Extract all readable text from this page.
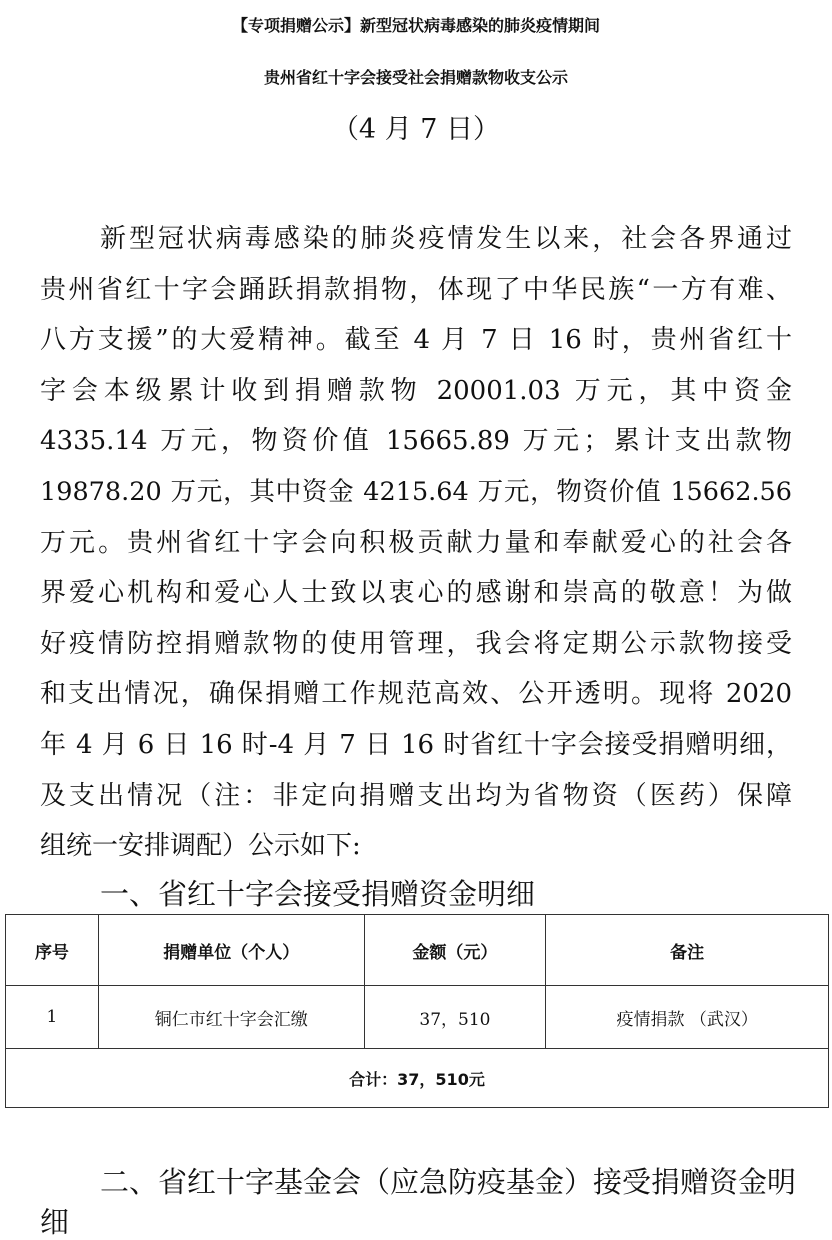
【专项捐赠公示】新型冠状病毒感染的肺炎疫情期间
贵州省红十字会接受社会捐赠款物收支公示
（4 月 7 日）
新型冠状病毒感染的肺炎疫情发生以来，社会各界通过
贵州省红十字会踊跃捐款捐物，体现了中华民族“一方有难、
八方支援”的大爱精神。截至 4 月 7 日 16 时，贵州省红十
字会本级累计收到捐赠款物 20001.03 万元，其中资金
4335.14 万元，物资价值 15665.89 万元；累计支出款物
19878.20 万元，其中资金 4215.64 万元，物资价值 15662.56
万元。贵州省红十字会向积极贡献力量和奉献爱心的社会各
界爱心机构和爱心人士致以衷心的感谢和崇高的敬意！为做
好疫情防控捐赠款物的使用管理，我会将定期公示款物接受
和支出情况，确保捐赠工作规范高效、公开透明。现将 2020
年 4 月 6 日 16 时-4 月 7 日 16 时省红十字会接受捐赠明细，
及支出情况（注：非定向捐赠支出均为省物资（医药）保障
组统一安排调配）公示如下:
一、省红十字会接受捐赠资金明细
序号	捐赠单位（个人）	金额（元）	备注
1	铜仁市红十字会汇缴	37，510	疫情捐款 （武汉）
合计：37，510元			
二、省红十字基金会（应急防疫基金）接受捐赠资金明
细
